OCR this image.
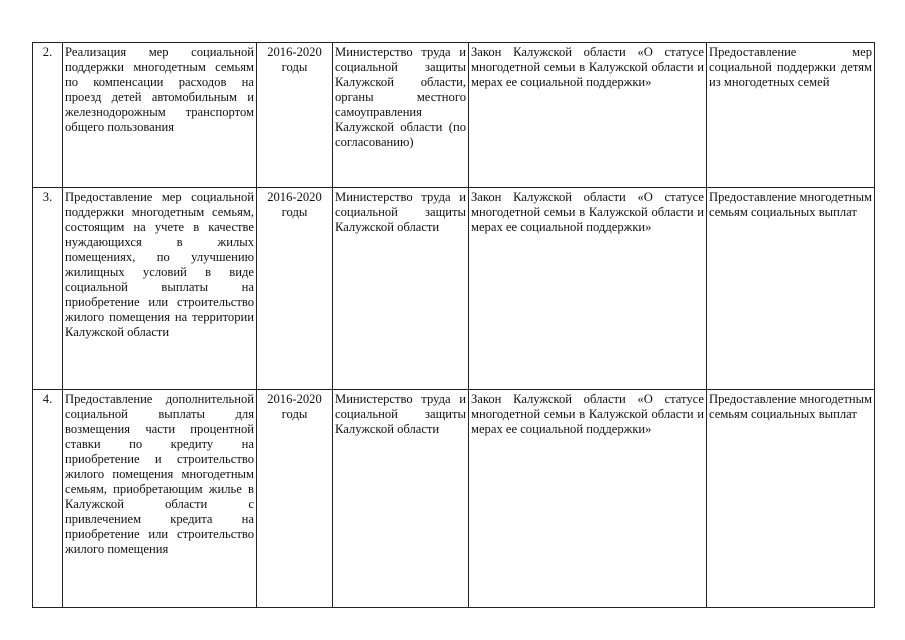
2.	Реализация мер социальной поддержки многодетным семьям по компенсации расходов на проезд детей автомобильным и железнодорожным транспортом общего пользования	2016-2020 годы	Министерство труда и социальной защиты Калужской области, органы местного самоуправления Калужской области (по согласованию)	Закон Калужской области «О статусе многодетной семьи в Калужской области и мерах ее социальной поддержки»	Предоставление мер социальной поддержки детям из многодетных семей
3.	Предоставление мер социальной поддержки многодетным семьям, состоящим на учете в качестве нуждающихся в жилых помещениях, по улучшению жилищных условий в виде социальной выплаты на приобретение или строительство жилого помещения на территории Калужской области	2016-2020 годы	Министерство труда и социальной защиты Калужской области	Закон Калужской области «О статусе многодетной семьи в Калужской области и мерах ее социальной поддержки»	Предоставление многодетным семьям социальных выплат
4.	Предоставление дополнительной социальной выплаты для возмещения части процентной ставки по кредиту на приобретение и строительство жилого помещения многодетным семьям, приобретающим жилье в Калужской области с привлечением кредита на приобретение или строительство жилого помещения	2016-2020 годы	Министерство труда и социальной защиты Калужской области	Закон Калужской области «О статусе многодетной семьи в Калужской области и мерах ее социальной поддержки»	Предоставление многодетным семьям социальных выплат
